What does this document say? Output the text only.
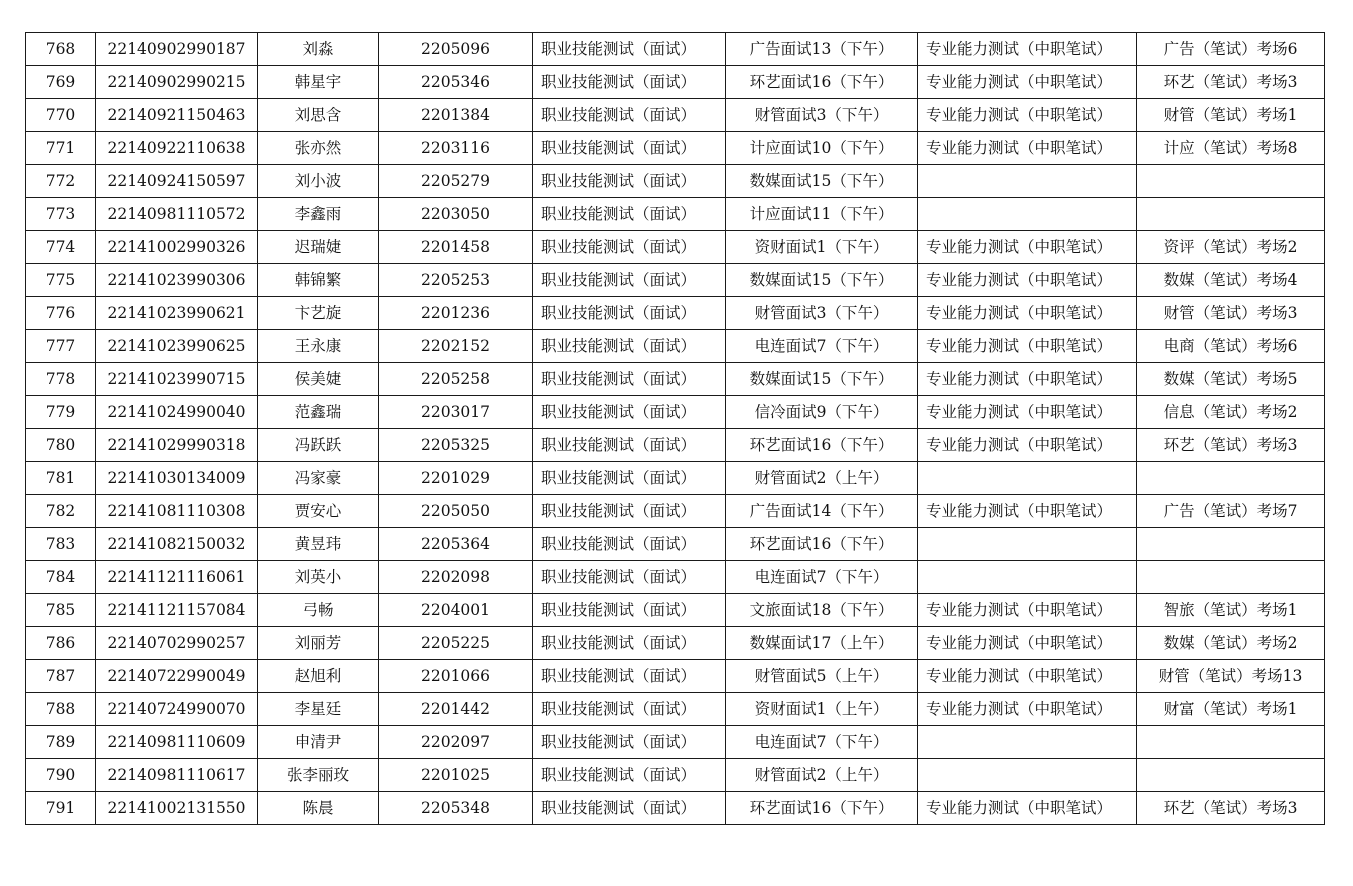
768	22140902990187	刘淼	2205096	职业技能测试（面试）	广告面试13（下午）	专业能力测试（中职笔试）	广告（笔试）考场6
769	22140902990215	韩星宇	2205346	职业技能测试（面试）	环艺面试16（下午）	专业能力测试（中职笔试）	环艺（笔试）考场3
770	22140921150463	刘思含	2201384	职业技能测试（面试）	财管面试3（下午）	专业能力测试（中职笔试）	财管（笔试）考场1
771	22140922110638	张亦然	2203116	职业技能测试（面试）	计应面试10（下午）	专业能力测试（中职笔试）	计应（笔试）考场8
772	22140924150597	刘小波	2205279	职业技能测试（面试）	数媒面试15（下午）		
773	22140981110572	李鑫雨	2203050	职业技能测试（面试）	计应面试11（下午）		
774	22141002990326	迟瑞婕	2201458	职业技能测试（面试）	资财面试1（下午）	专业能力测试（中职笔试）	资评（笔试）考场2
775	22141023990306	韩锦繁	2205253	职业技能测试（面试）	数媒面试15（下午）	专业能力测试（中职笔试）	数媒（笔试）考场4
776	22141023990621	卞艺旋	2201236	职业技能测试（面试）	财管面试3（下午）	专业能力测试（中职笔试）	财管（笔试）考场3
777	22141023990625	王永康	2202152	职业技能测试（面试）	电连面试7（下午）	专业能力测试（中职笔试）	电商（笔试）考场6
778	22141023990715	侯美婕	2205258	职业技能测试（面试）	数媒面试15（下午）	专业能力测试（中职笔试）	数媒（笔试）考场5
779	22141024990040	范鑫瑞	2203017	职业技能测试（面试）	信冷面试9（下午）	专业能力测试（中职笔试）	信息（笔试）考场2
780	22141029990318	冯跃跃	2205325	职业技能测试（面试）	环艺面试16（下午）	专业能力测试（中职笔试）	环艺（笔试）考场3
781	22141030134009	冯家豪	2201029	职业技能测试（面试）	财管面试2（上午）		
782	22141081110308	贾安心	2205050	职业技能测试（面试）	广告面试14（下午）	专业能力测试（中职笔试）	广告（笔试）考场7
783	22141082150032	黄昱玮	2205364	职业技能测试（面试）	环艺面试16（下午）		
784	22141121116061	刘英小	2202098	职业技能测试（面试）	电连面试7（下午）		
785	22141121157084	弓畅	2204001	职业技能测试（面试）	文旅面试18（下午）	专业能力测试（中职笔试）	智旅（笔试）考场1
786	22140702990257	刘丽芳	2205225	职业技能测试（面试）	数媒面试17（上午）	专业能力测试（中职笔试）	数媒（笔试）考场2
787	22140722990049	赵旭利	2201066	职业技能测试（面试）	财管面试5（上午）	专业能力测试（中职笔试）	财管（笔试）考场13
788	22140724990070	李星廷	2201442	职业技能测试（面试）	资财面试1（上午）	专业能力测试（中职笔试）	财富（笔试）考场1
789	22140981110609	申清尹	2202097	职业技能测试（面试）	电连面试7（下午）		
790	22140981110617	张李丽玫	2201025	职业技能测试（面试）	财管面试2（上午）		
791	22141002131550	陈晨	2205348	职业技能测试（面试）	环艺面试16（下午）	专业能力测试（中职笔试）	环艺（笔试）考场3
